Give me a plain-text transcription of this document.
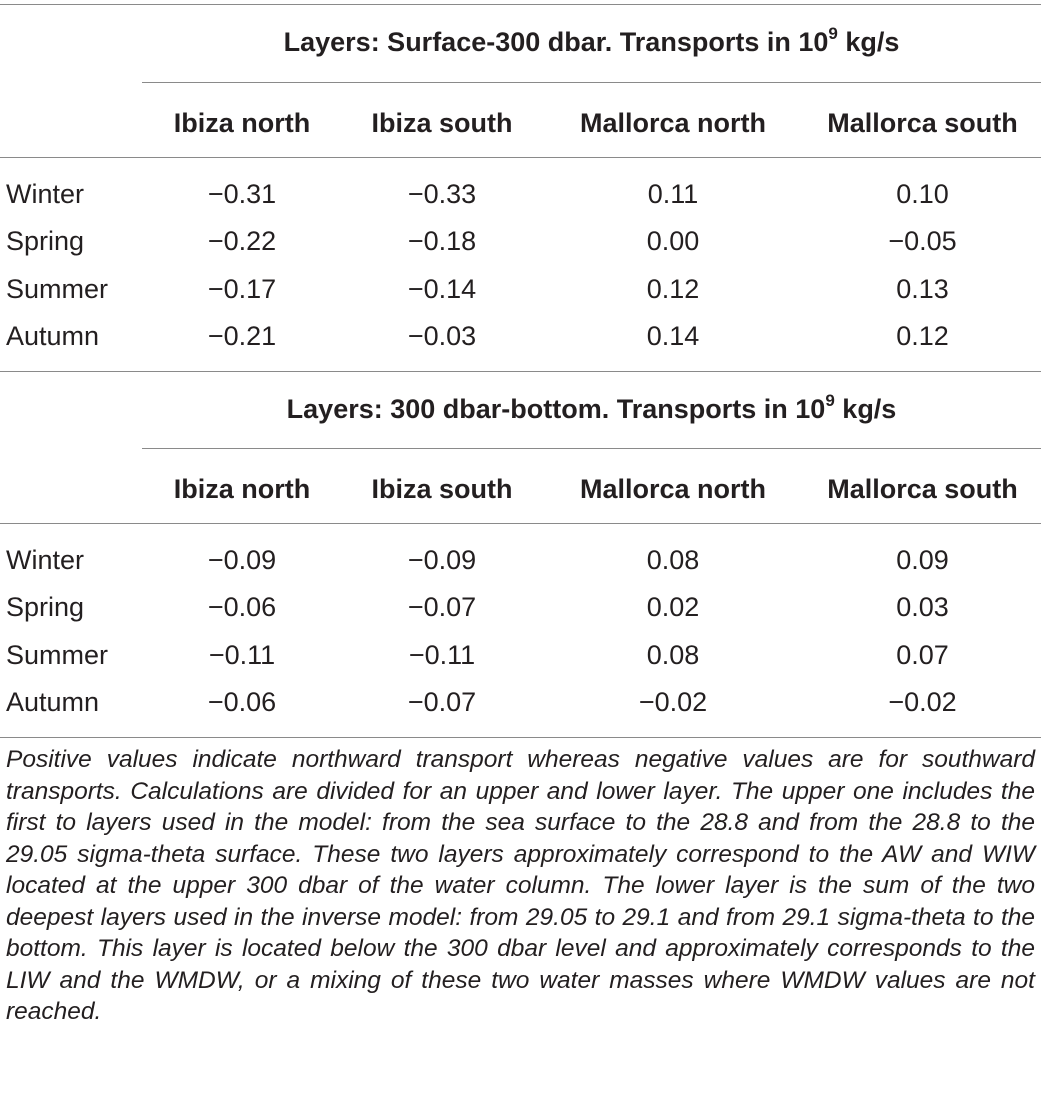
Layers: Surface-300 dbar. Transports in $10^9$ kg/s
Ibiza north	Ibiza south	Mallorca north	Mallorca south
Winter	−0.31	−0.33	0.11	0.10
Spring	−0.22	−0.18	0.00	−0.05
Summer	−0.17	−0.14	0.12	0.13
Autumn	−0.21	−0.03	0.14	0.12
Layers: 300 dbar-bottom. Transports in $10^9$ kg/s
Ibiza north	Ibiza south	Mallorca north	Mallorca south
Winter	−0.09	−0.09	0.08	0.09
Spring	−0.06	−0.07	0.02	0.03
Summer	−0.11	−0.11	0.08	0.07
Autumn	−0.06	−0.07	−0.02	−0.02
Positive values indicate northward transport whereas negative values are for southward transports. Calculations are divided for an upper and lower layer. The upper one includes the first to layers used in the model: from the sea surface to the 28.8 and from the 28.8 to the 29.05 sigma-theta surface. These two layers approximately correspond to the AW and WIW located at the upper 300 dbar of the water column. The lower layer is the sum of the two deepest layers used in the inverse model: from 29.05 to 29.1 and from 29.1 sigma-theta to the bottom. This layer is located below the 300 dbar level and approximately corresponds to the LIW and the WMDW, or a mixing of these two water masses where WMDW values are not reached.
